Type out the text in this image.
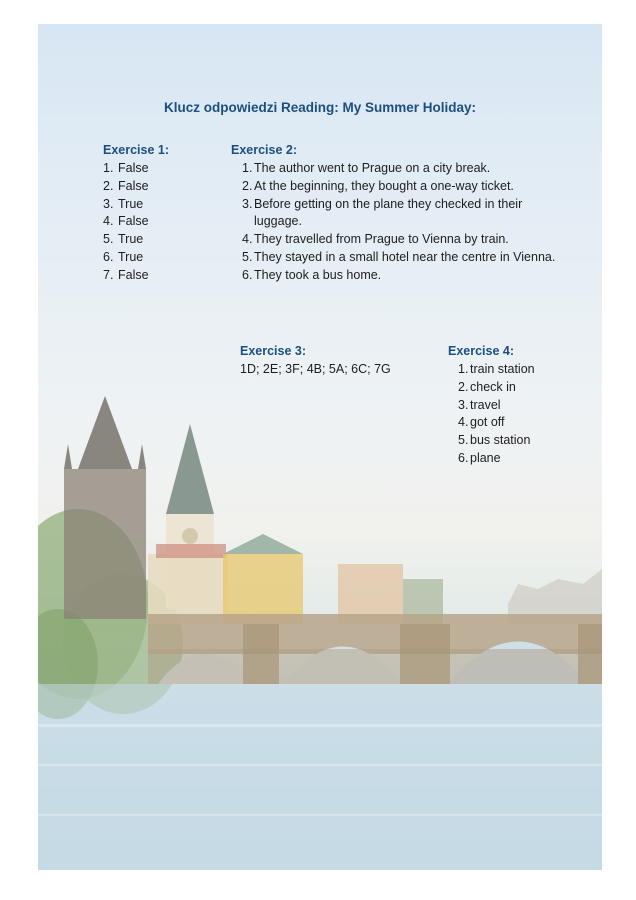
Klucz odpowiedzi Reading: My Summer Holiday:
Exercise 1:
1. False
2. False
3. True
4. False
5. True
6. True
7. False
Exercise 2:
1. The author went to Prague on a city break.
2. At the beginning, they bought a one-way ticket.
3. Before getting on the plane they checked in their luggage.
4. They travelled from Prague to Vienna by train.
5. They stayed in a small hotel near the centre in Vienna.
6. They took a bus home.
Exercise 3:
1D; 2E; 3F; 4B; 5A; 6C; 7G
Exercise 4:
1. train station
2. check in
3. travel
4. got off
5. bus station
6. plane
